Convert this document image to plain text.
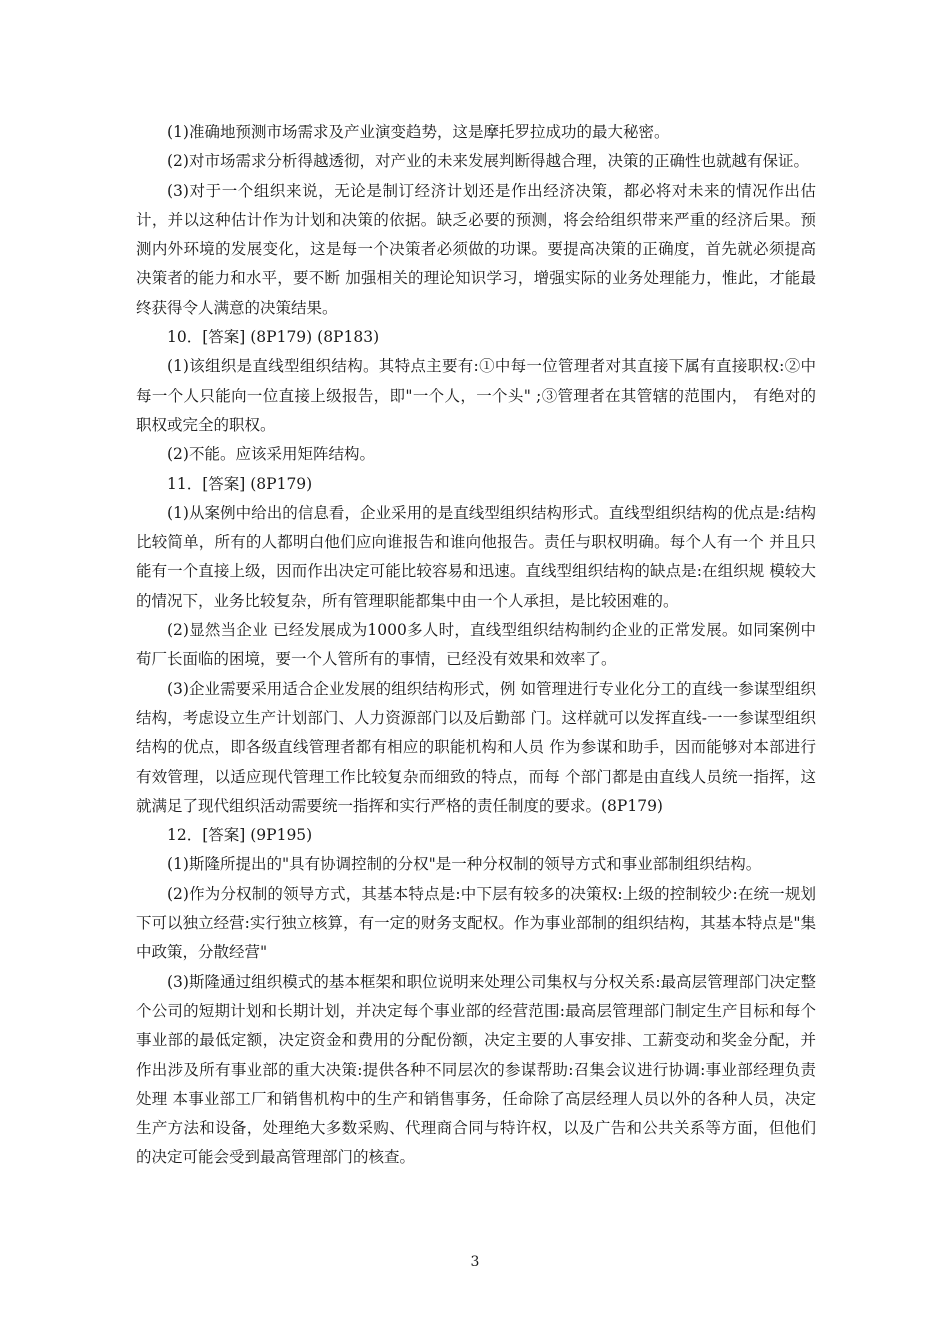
(1)准确地预测市场需求及产业演变趋势，这是摩托罗拉成功的最大秘密。

(2)对市场需求分析得越透彻，对产业的未来发展判断得越合理，决策的正确性也就越有保证。

(3)对于一个组织来说，无论是制订经济计划还是作出经济决策，都必将对未来的情况作出估计，并以这种估计作为计划和决策的依据。缺乏必要的预测，将会给组织带来严重的经济后果。预测内外环境的发展变化，这是每一个决策者必须做的功课。要提高决策的正确度，首先就必须提高决策者的能力和水平，要不断 加强相关的理论知识学习，增强实际的业务处理能力，惟此，才能最终获得令人满意的决策结果。

10．[答案] (8P179) (8P183)

(1)该组织是直线型组织结构。其特点主要有:①中每一位管理者对其直接下属有直接职权:②中每一个人只能向一位直接上级报告，即"一个人，一个头" ;③管理者在其管辖的范围内， 有绝对的职权或完全的职权。

(2)不能。应该采用矩阵结构。

11．[答案] (8P179)

(1)从案例中给出的信息看，企业采用的是直线型组织结构形式。直线型组织结构的优点是:结构比较简单，所有的人都明白他们应向谁报告和谁向他报告。责任与职权明确。每个人有一个 并且只能有一个直接上级，因而作出决定可能比较容易和迅速。直线型组织结构的缺点是:在组织规 模较大的情况下，业务比较复杂，所有管理职能都集中由一个人承担，是比较困难的。

(2)显然当企业 已经发展成为1000多人时，直线型组织结构制约企业的正常发展。如同案例中荀厂长面临的困境，要一个人管所有的事情，已经没有效果和效率了。

(3)企业需要采用适合企业发展的组织结构形式，例 如管理进行专业化分工的直线一参谋型组织结构，考虑设立生产计划部门、人力资源部门以及后勤部 门。这样就可以发挥直线-一一参谋型组织结构的优点，即各级直线管理者都有相应的职能机构和人员 作为参谋和助手，因而能够对本部进行有效管理，以适应现代管理工作比较复杂而细致的特点，而每 个部门都是由直线人员统一指挥，这就满足了现代组织活动需要统一指挥和实行严格的责任制度的要求。(8P179)

12．[答案] (9P195)

(1)斯隆所提出的"具有协调控制的分权"是一种分权制的领导方式和事业部制组织结构。

(2)作为分权制的领导方式，其基本特点是:中下层有较多的决策权:上级的控制较少:在统一规划下可以独立经营:实行独立核算，有一定的财务支配权。作为事业部制的组织结构，其基本特点是"集中政策，分散经营"

(3)斯隆通过组织模式的基本框架和职位说明来处理公司集权与分权关系:最高层管理部门决定整个公司的短期计划和长期计划，并决定每个事业部的经营范围:最高层管理部门制定生产目标和每个事业部的最低定额，决定资金和费用的分配份额，决定主要的人事安排、工薪变动和奖金分配，并作出涉及所有事业部的重大决策:提供各种不同层次的参谋帮助:召集会议进行协调:事业部经理负责处理 本事业部工厂和销售机构中的生产和销售事务，任命除了高层经理人员以外的各种人员，决定生产方法和设备，处理绝大多数采购、代理商合同与特许权，以及广告和公共关系等方面，但他们的决定可能会受到最高管理部门的核查。

3
